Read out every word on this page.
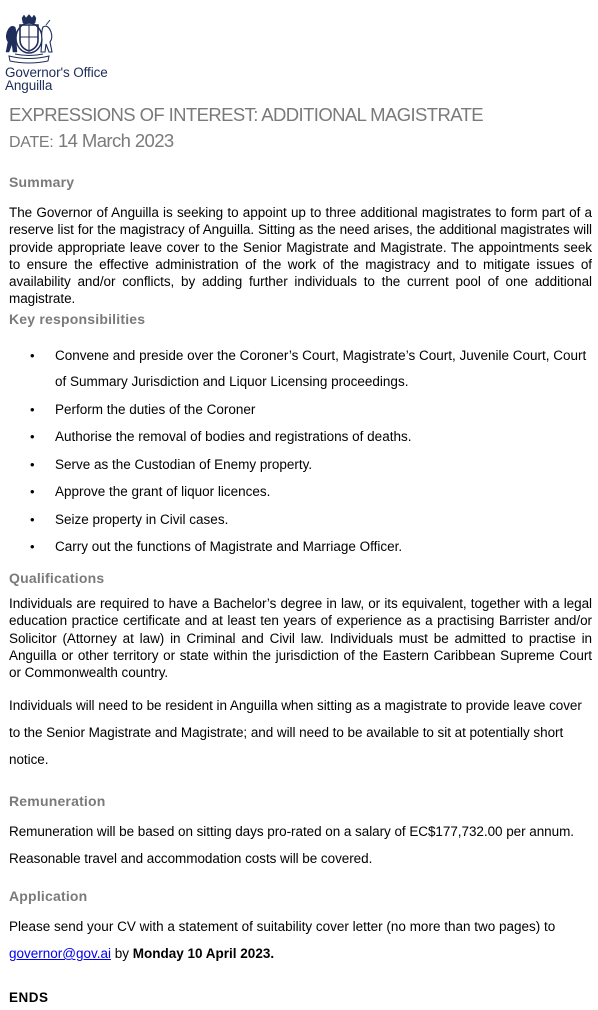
Governor's Office
Anguilla
EXPRESSIONS OF INTEREST: ADDITIONAL MAGISTRATE
DATE: 14 March 2023
Summary
The Governor of Anguilla is seeking to appoint up to three additional magistrates to form part of a reserve list for the magistracy of Anguilla. Sitting as the need arises, the additional magistrates will provide appropriate leave cover to the Senior Magistrate and Magistrate. The appointments seek to ensure the effective administration of the work of the magistracy and to mitigate issues of availability and/or conflicts, by adding further individuals to the current pool of one additional magistrate.
Key responsibilities
• Convene and preside over the Coroner’s Court, Magistrate’s Court, Juvenile Court, Court of Summary Jurisdiction and Liquor Licensing proceedings.
• Perform the duties of the Coroner
• Authorise the removal of bodies and registrations of deaths.
• Serve as the Custodian of Enemy property.
• Approve the grant of liquor licences.
• Seize property in Civil cases.
• Carry out the functions of Magistrate and Marriage Officer.
Qualifications
Individuals are required to have a Bachelor’s degree in law, or its equivalent, together with a legal education practice certificate and at least ten years of experience as a practising Barrister and/or Solicitor (Attorney at law) in Criminal and Civil law. Individuals must be admitted to practise in Anguilla or other territory or state within the jurisdiction of the Eastern Caribbean Supreme Court or Commonwealth country.
Individuals will need to be resident in Anguilla when sitting as a magistrate to provide leave cover to the Senior Magistrate and Magistrate; and will need to be available to sit at potentially short notice.
Remuneration
Remuneration will be based on sitting days pro-rated on a salary of EC$177,732.00 per annum. Reasonable travel and accommodation costs will be covered.
Application
Please send your CV with a statement of suitability cover letter (no more than two pages) to governor@gov.ai by Monday 10 April 2023.
ENDS
